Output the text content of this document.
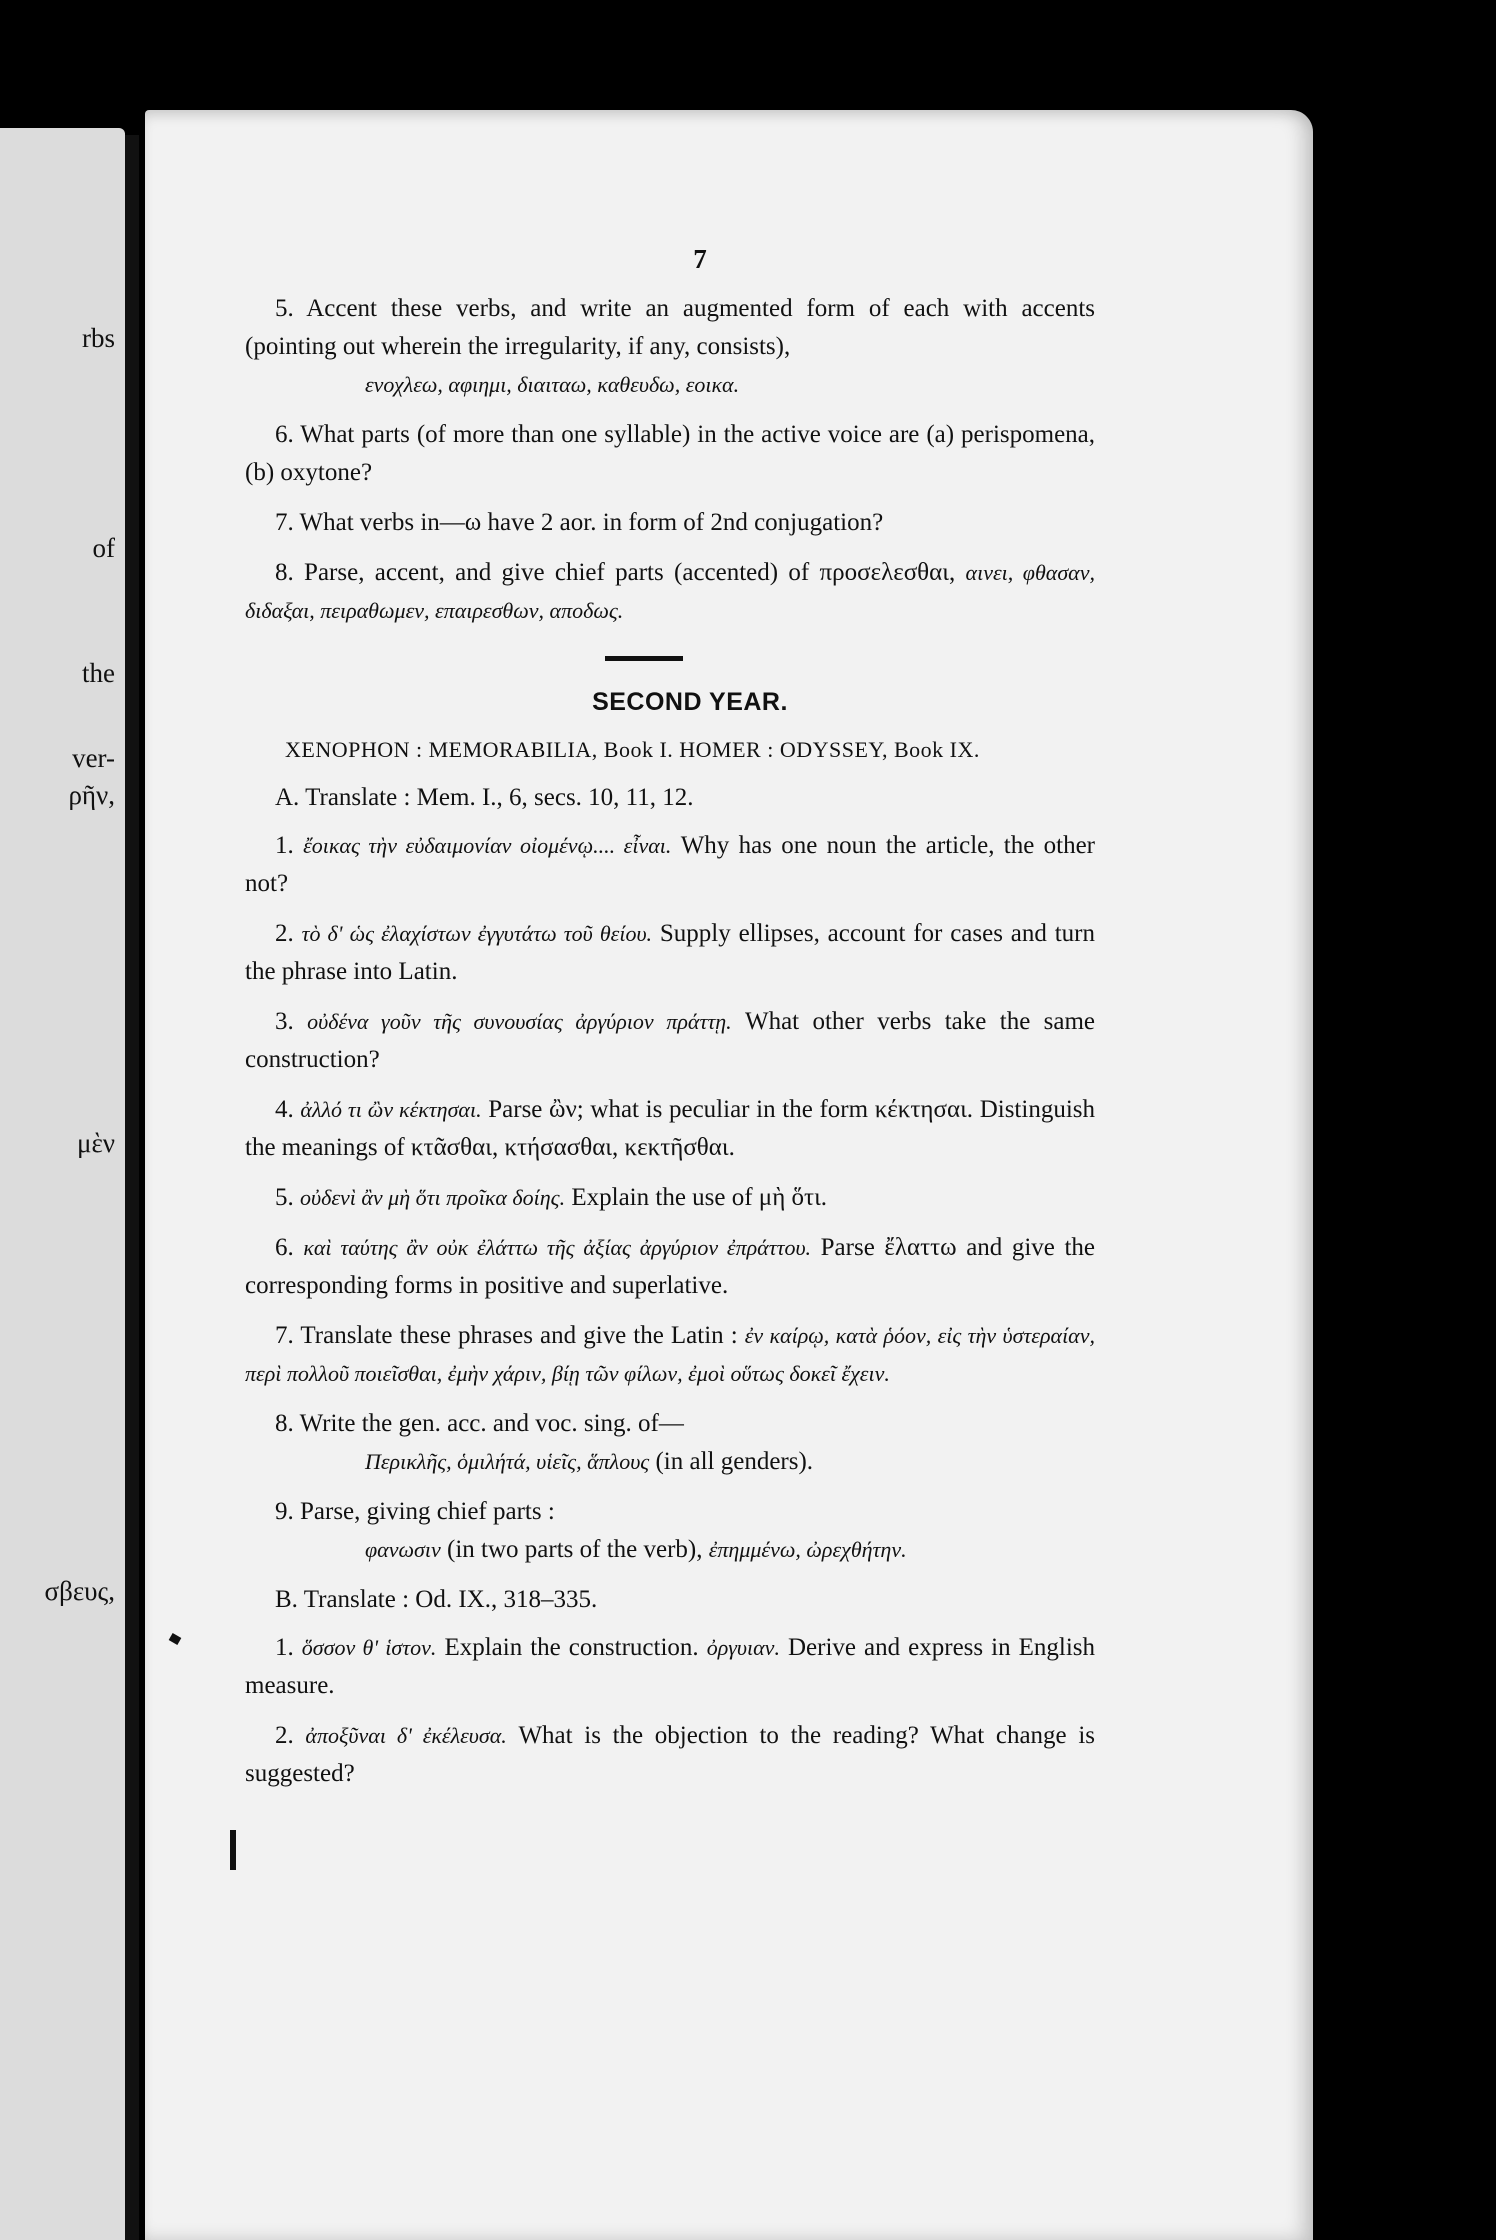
rbs
of
the
ver-
ρῆν,
μὲν
σβευς,
7
5. Accent these verbs, and write an augmented form of each with accents (pointing out wherein the irregularity, if any, consists),
ενοχλεω, αφιημι, διαιταω, καθευδω, εοικα.
6. What parts (of more than one syllable) in the active voice are (a) perispomena, (b) oxytone?
7. What verbs in—ω have 2 aor. in form of 2nd conjugation?
8. Parse, accent, and give chief parts (accented) of προσελεσθαι, αινει, φθασαν, διδαξαι, πειραθωμεν, επαιρεσθων, αποδως.
SECOND YEAR.
XENOPHON : MEMORABILIA, Book I. HOMER : ODYSSEY, Book IX.
A. Translate : Mem. I., 6, secs. 10, 11, 12.
1. ἔοικας τὴν εὐδαιμονίαν οἰομένῳ.... εἶναι. Why has one noun the article, the other not?
2. τὸ δ' ὡς ἐλαχίστων ἐγγυτάτω τοῦ θείου. Supply ellipses, account for cases and turn the phrase into Latin.
3. οὐδένα γοῦν τῆς συνουσίας ἀργύριον πράττῃ. What other verbs take the same construction?
4. ἀλλό τι ὢν κέκτησαι. Parse ὢν; what is peculiar in the form κέκτησαι. Distinguish the meanings of κτᾶσθαι, κτήσασθαι, κεκτῆσθαι.
5. οὐδενὶ ἂν μὴ ὅτι προῖκα δοίης. Explain the use of μὴ ὅτι.
6. καὶ ταύτης ἂν οὐκ ἐλάττω τῆς ἀξίας ἀργύριον ἐπράττου. Parse ἔλαττω and give the corresponding forms in positive and superlative.
7. Translate these phrases and give the Latin : ἐν καίρῳ, κατὰ ῥόον, εἰς τὴν ὑστεραίαν, περὶ πολλοῦ ποιεῖσθαι, ἐμὴν χάριν, βίῃ τῶν φίλων, ἐμοὶ οὕτως δοκεῖ ἔχειν.
8. Write the gen. acc. and voc. sing. of—
Περικλῆς, ὁμιλήτά, υἱεῖς, ἅπλους (in all genders).
9. Parse, giving chief parts :
φανωσιν (in two parts of the verb), ἐπημμένω, ὠρεχθήτην.
B. Translate : Od. IX., 318–335.
1. ὅσσον θ' ἱστον. Explain the construction. ὀργυιαν. Derive and express in English measure.
2. ἀποξῦναι δ' ἐκέλευσα. What is the objection to the reading? What change is suggested?
